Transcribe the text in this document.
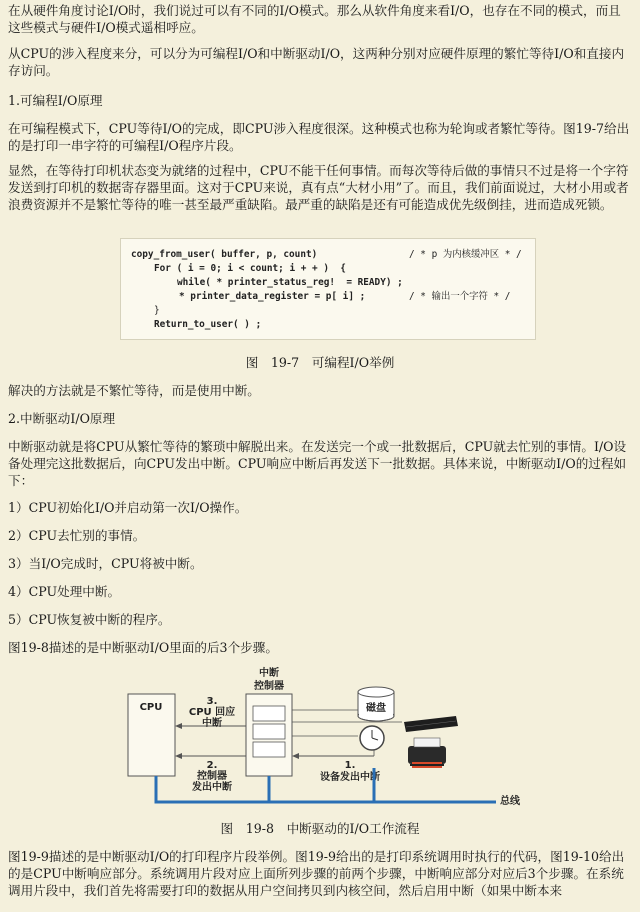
在从硬件角度讨论I/O时，我们说过可以有不同的I/O模式。那么从软件角度来看I/O，也存在不同的模式，而且这些模式与硬件I/O模式遥相呼应。

从CPU的涉入程度来分，可以分为可编程I/O和中断驱动I/O，这两种分别对应硬件原理的繁忙等待I/O和直接内存访问。

1.可编程I/O原理

在可编程模式下，CPU等待I/O的完成，即CPU涉入程度很深。这种模式也称为轮询或者繁忙等待。图19-7给出的是打印一串字符的可编程I/O程序片段。

显然，在等待打印机状态变为就绪的过程中，CPU不能干任何事情。而每次等待后做的事情只不过是将一个字符发送到打印机的数据寄存器里面。这对于CPU来说，真有点“大材小用”了。而且，我们前面说过，大材小用或者浪费资源并不是繁忙等待的唯一甚至最严重缺陷。最严重的缺陷是还有可能造成优先级倒挂，进而造成死锁。

copy_from_user( buffer, p, count)	/ * p 为内核缓冲区 * /
For ( i = 0; i < count; i + + )  {
while( * printer_status_reg!  = READY) ;
* printer_data_register = p[ i] ;	/ * 输出一个字符 * /
}
Return_to_user( ) ;

图　19-7　可编程I/O举例

解决的方法就是不繁忙等待，而是使用中断。

2.中断驱动I/O原理

中断驱动就是将CPU从繁忙等待的繁琐中解脱出来。在发送完一个或一批数据后，CPU就去忙别的事情。I/O设备处理完这批数据后，向CPU发出中断。CPU响应中断后再发送下一批数据。具体来说，中断驱动I/O的过程如下：

1）CPU初始化I/O并启动第一次I/O操作。

2）CPU去忙别的事情。

3）当I/O完成时，CPU将被中断。

4）CPU处理中断。

5）CPU恢复被中断的程序。

图19-8描述的是中断驱动I/O里面的后3个步骤。

CPU
中断
控制器
3.
CPU 回应
中断
2.
控制器
发出中断
1.
设备发出中断
磁盘
总线

图　19-8　中断驱动的I/O工作流程

图19-9描述的是中断驱动I/O的打印程序片段举例。图19-9给出的是打印系统调用时执行的代码，图19-10给出的是CPU中断响应部分。系统调用片段对应上面所列步骤的前两个步骤，中断响应部分对应后3个步骤。在系统调用片段中，我们首先将需要打印的数据从用户空间拷贝到内核空间，然后启用中断（如果中断本来
